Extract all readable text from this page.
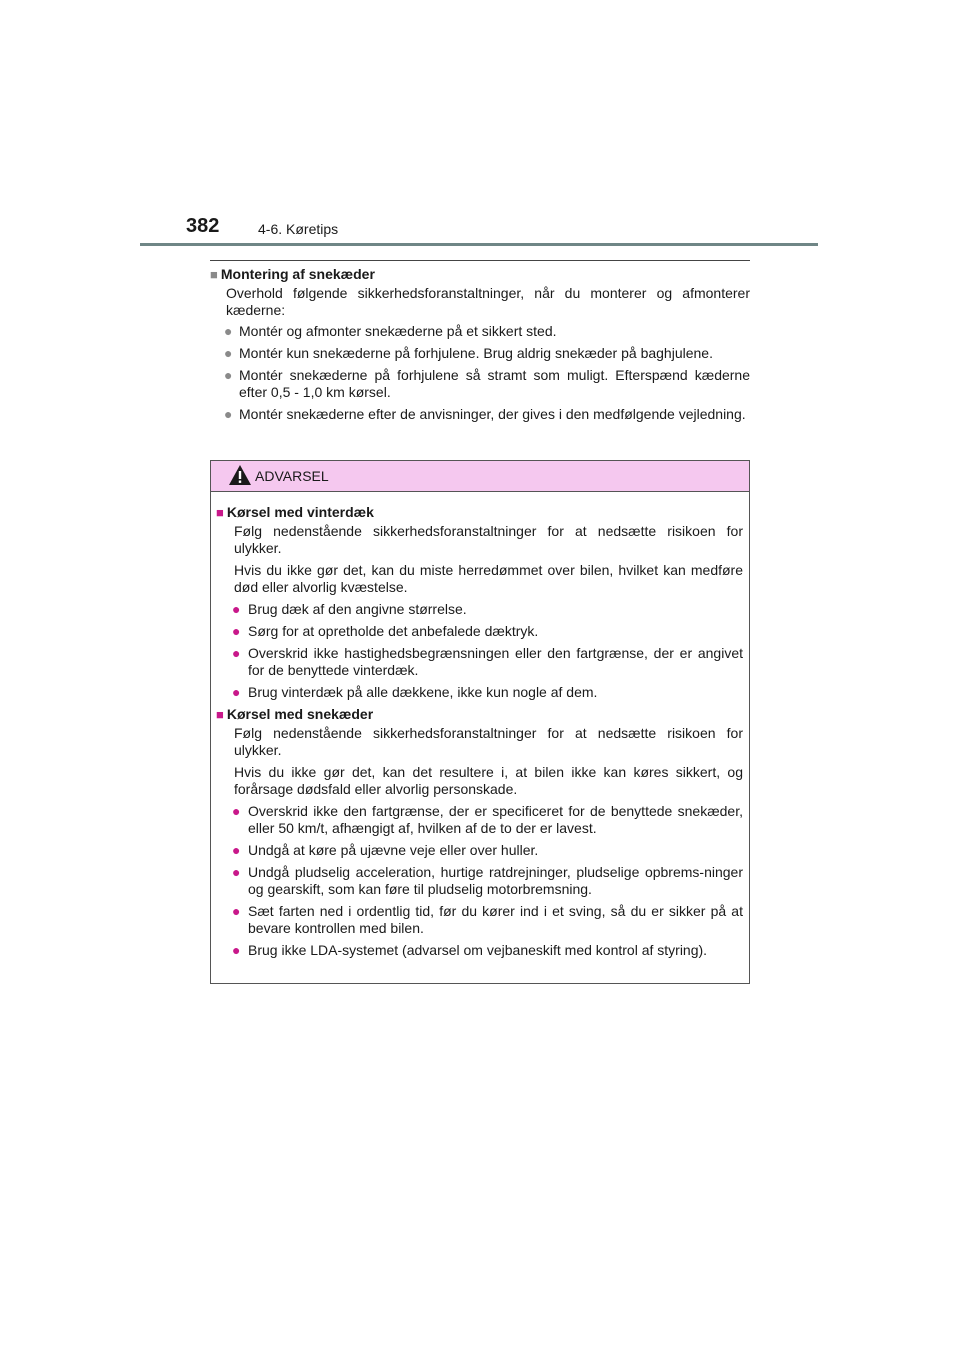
382	4-6. Køretips
■ Montering af snekæder
Overhold følgende sikkerhedsforanstaltninger, når du monterer og afmonterer kæderne:
● Montér og afmonter snekæderne på et sikkert sted.
● Montér kun snekæderne på forhjulene. Brug aldrig snekæder på baghjulene.
● Montér snekæderne på forhjulene så stramt som muligt. Efterspænd kæderne efter 0,5 - 1,0 km kørsel.
● Montér snekæderne efter de anvisninger, der gives i den medfølgende vejledning.
ADVARSEL
■ Kørsel med vinterdæk
Følg nedenstående sikkerhedsforanstaltninger for at nedsætte risikoen for ulykker.
Hvis du ikke gør det, kan du miste herredømmet over bilen, hvilket kan medføre død eller alvorlig kvæstelse.
● Brug dæk af den angivne størrelse.
● Sørg for at opretholde det anbefalede dæktryk.
● Overskrid ikke hastighedsbegrænsningen eller den fartgrænse, der er angivet for de benyttede vinterdæk.
● Brug vinterdæk på alle dækkene, ikke kun nogle af dem.
■ Kørsel med snekæder
Følg nedenstående sikkerhedsforanstaltninger for at nedsætte risikoen for ulykker.
Hvis du ikke gør det, kan det resultere i, at bilen ikke kan køres sikkert, og forårsage dødsfald eller alvorlig personskade.
● Overskrid ikke den fartgrænse, der er specificeret for de benyttede snekæder, eller 50 km/t, afhængigt af, hvilken af de to der er lavest.
● Undgå at køre på ujævne veje eller over huller.
● Undgå pludselig acceleration, hurtige ratdrejninger, pludselige opbrems-ninger og gearskift, som kan føre til pludselig motorbremsning.
● Sæt farten ned i ordentlig tid, før du kører ind i et sving, så du er sikker på at bevare kontrollen med bilen.
● Brug ikke LDA-systemet (advarsel om vejbaneskift med kontrol af styring).
